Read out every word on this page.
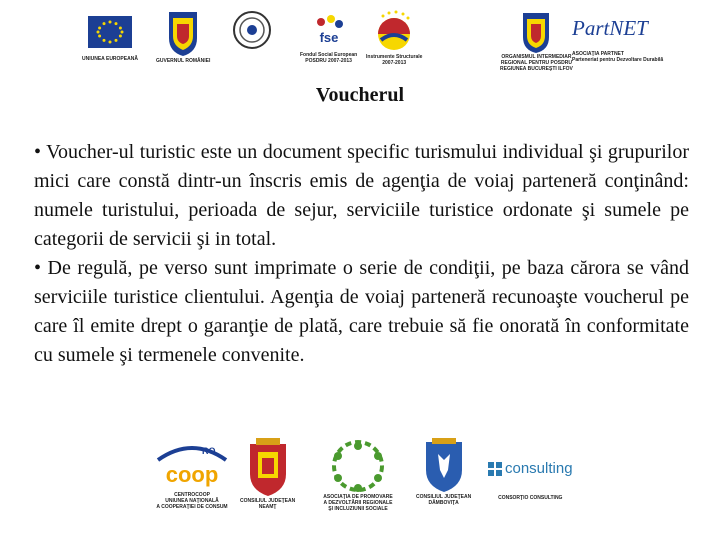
UNIUNEA EUROPEANĂ	GUVERNUL ROMÂNIEI
fse
Fondul Social European
POSDRU 2007-2013
Instrumente Structurale
2007-2013
ORGANISMUL INTERMEDIAR
REGIONAL PENTRU POSDRU
REGIUNEA BUCUREŞTI ILFOV
PartNET
ASOCIAŢIA PARTNET
Parteneriat pentru Dezvoltare Durabilă
Voucherul

• Voucher-ul turistic este un document specific turismului individual şi grupurilor mici care constă dintr-un înscris emis de agenţia de voiaj parteneră conţinând: numele turistului, perioada de sejur, serviciile turistice ordonate şi sumele pe categorii de servicii şi in total.

• De regulă, pe verso sunt imprimate o serie de condiţii, pe baza cărora se vând serviciile turistice clientului. Agenţia de voiaj parteneră recunoaşte voucherul pe care îl emite drept o garanţie de plată, care trebuie să fie onorată în conformitate cu sumele şi termenele convenite.

RO
coop
CENTROCOOP
UNIUNEA NAŢIONALĂ
A COOPERAŢIEI DE CONSUM
CONSILIUL JUDEŢEAN
NEAMŢ
ASOCIAŢIA DE PROMOVARE
A DEZVOLTĂRII REGIONALE
ŞI INCLUZIUNII SOCIALE
CONSILIUL JUDEŢEAN
DÂMBOVIŢA
consulting
CONSORŢIO CONSULTING
